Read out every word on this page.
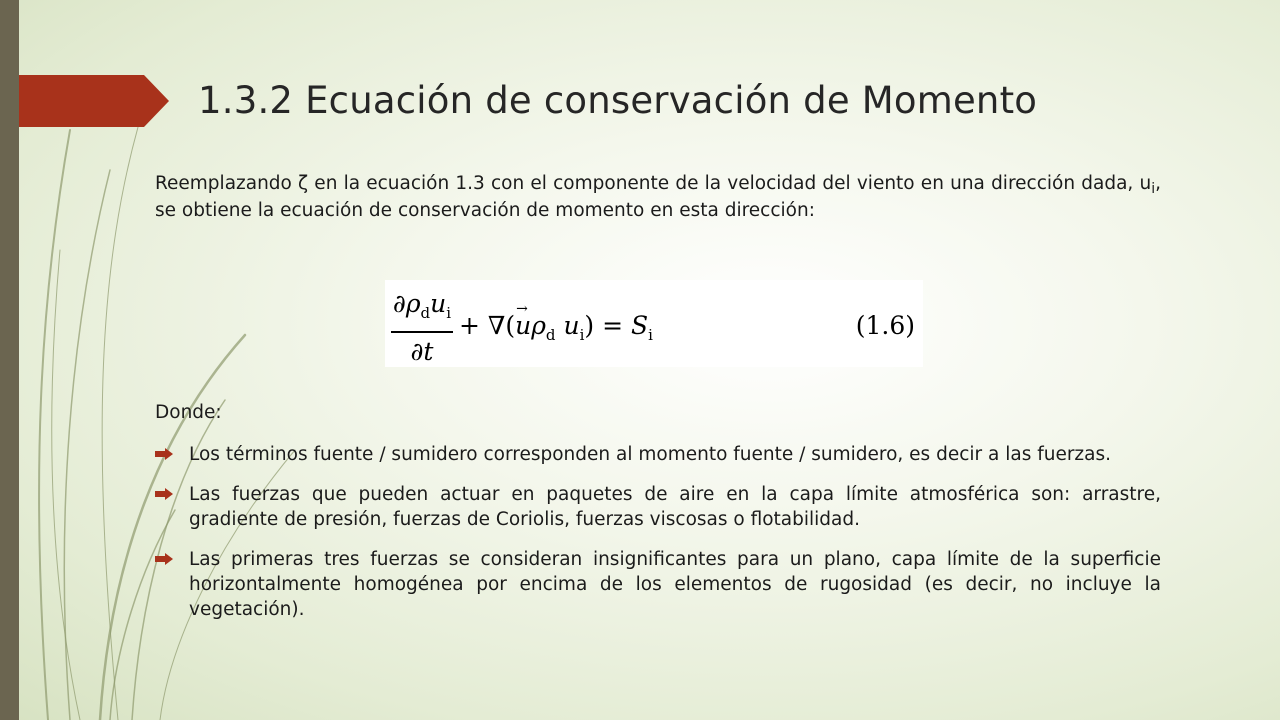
1.3.2 Ecuación de conservación de Momento

Reemplazando ζ en la ecuación 1.3 con el componente de la velocidad del viento en una dirección dada, $u_i$, se obtiene la ecuación de conservación de momento en esta dirección:

$\partial\rho_du_i$
∂t
+ ∇(→ $u\rho_d$ $u_i) = S_i$	(1.6)

Donde:

Los términos fuente / sumidero corresponden al momento fuente / sumidero, es decir a las fuerzas.
Las fuerzas que pueden actuar en paquetes de aire en la capa límite atmosférica son: arrastre, gradiente de presión, fuerzas de Coriolis, fuerzas viscosas o flotabilidad.
Las primeras tres fuerzas se consideran insignificantes para un plano, capa límite de la superficie horizontalmente homogénea por encima de los elementos de rugosidad (es decir, no incluye la vegetación).
